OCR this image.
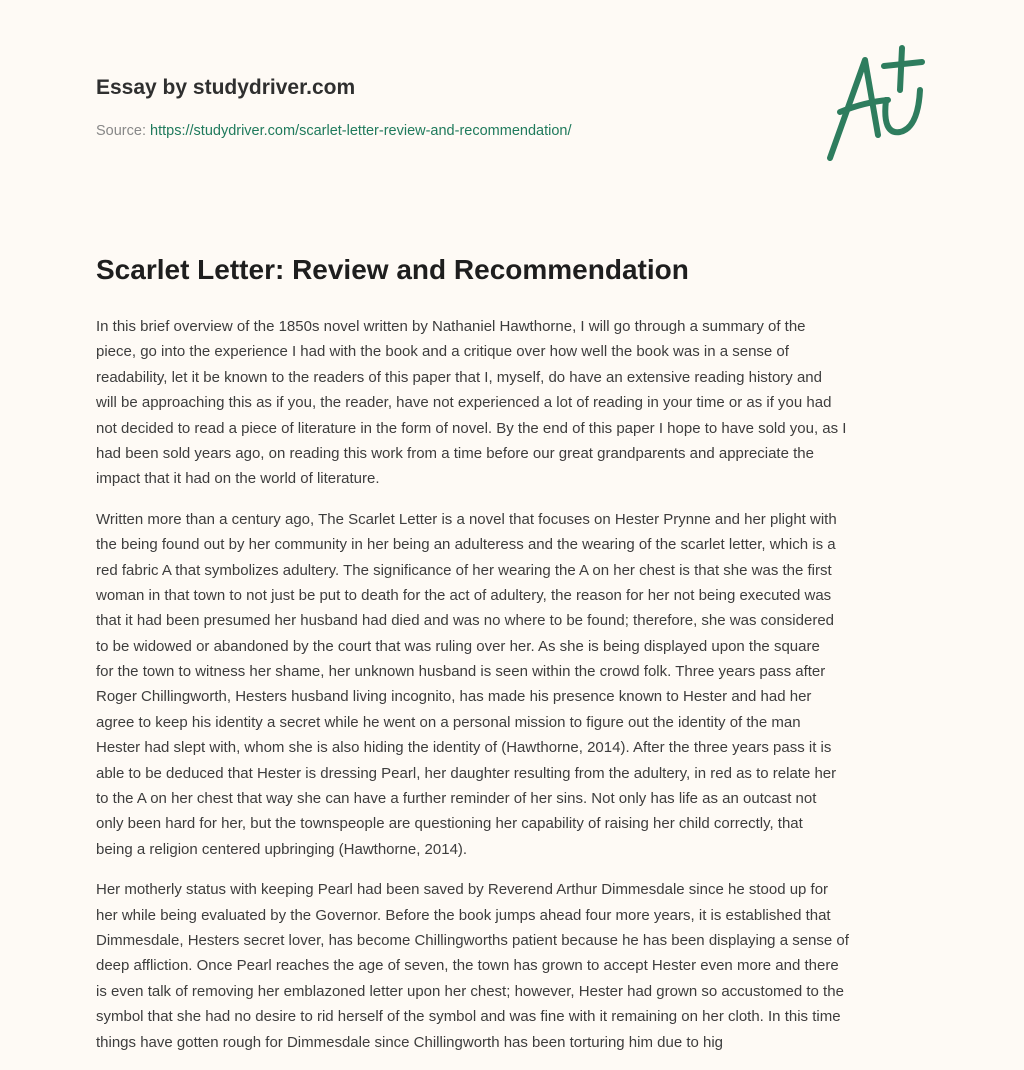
Essay by studydriver.com
Source: https://studydriver.com/scarlet-letter-review-and-recommendation/
Scarlet Letter: Review and Recommendation
In this brief overview of the 1850s novel written by Nathaniel Hawthorne, I will go through a summary of the
piece, go into the experience I had with the book and a critique over how well the book was in a sense of
readability, let it be known to the readers of this paper that I, myself, do have an extensive reading history and
will be approaching this as if you, the reader, have not experienced a lot of reading in your time or as if you had
not decided to read a piece of literature in the form of novel. By the end of this paper I hope to have sold you, as I
had been sold years ago, on reading this work from a time before our great grandparents and appreciate the
impact that it had on the world of literature.
Written more than a century ago, The Scarlet Letter is a novel that focuses on Hester Prynne and her plight with
the being found out by her community in her being an adulteress and the wearing of the scarlet letter, which is a
red fabric A that symbolizes adultery. The significance of her wearing the A on her chest is that she was the first
woman in that town to not just be put to death for the act of adultery, the reason for her not being executed was
that it had been presumed her husband had died and was no where to be found; therefore, she was considered
to be widowed or abandoned by the court that was ruling over her. As she is being displayed upon the square
for the town to witness her shame, her unknown husband is seen within the crowd folk. Three years pass after
Roger Chillingworth, Hesters husband living incognito, has made his presence known to Hester and had her
agree to keep his identity a secret while he went on a personal mission to figure out the identity of the man
Hester had slept with, whom she is also hiding the identity of (Hawthorne, 2014). After the three years pass it is
able to be deduced that Hester is dressing Pearl, her daughter resulting from the adultery, in red as to relate her
to the A on her chest that way she can have a further reminder of her sins. Not only has life as an outcast not
only been hard for her, but the townspeople are questioning her capability of raising her child correctly, that
being a religion centered upbringing (Hawthorne, 2014).
Her motherly status with keeping Pearl had been saved by Reverend Arthur Dimmesdale since he stood up for
her while being evaluated by the Governor. Before the book jumps ahead four more years, it is established that
Dimmesdale, Hesters secret lover, has become Chillingworths patient because he has been displaying a sense of
deep affliction. Once Pearl reaches the age of seven, the town has grown to accept Hester even more and there
is even talk of removing her emblazoned letter upon her chest; however, Hester had grown so accustomed to the
symbol that she had no desire to rid herself of the symbol and was fine with it remaining on her cloth. In this time
things have gotten rough for Dimmesdale since Chillingworth has been torturing him due to hig
